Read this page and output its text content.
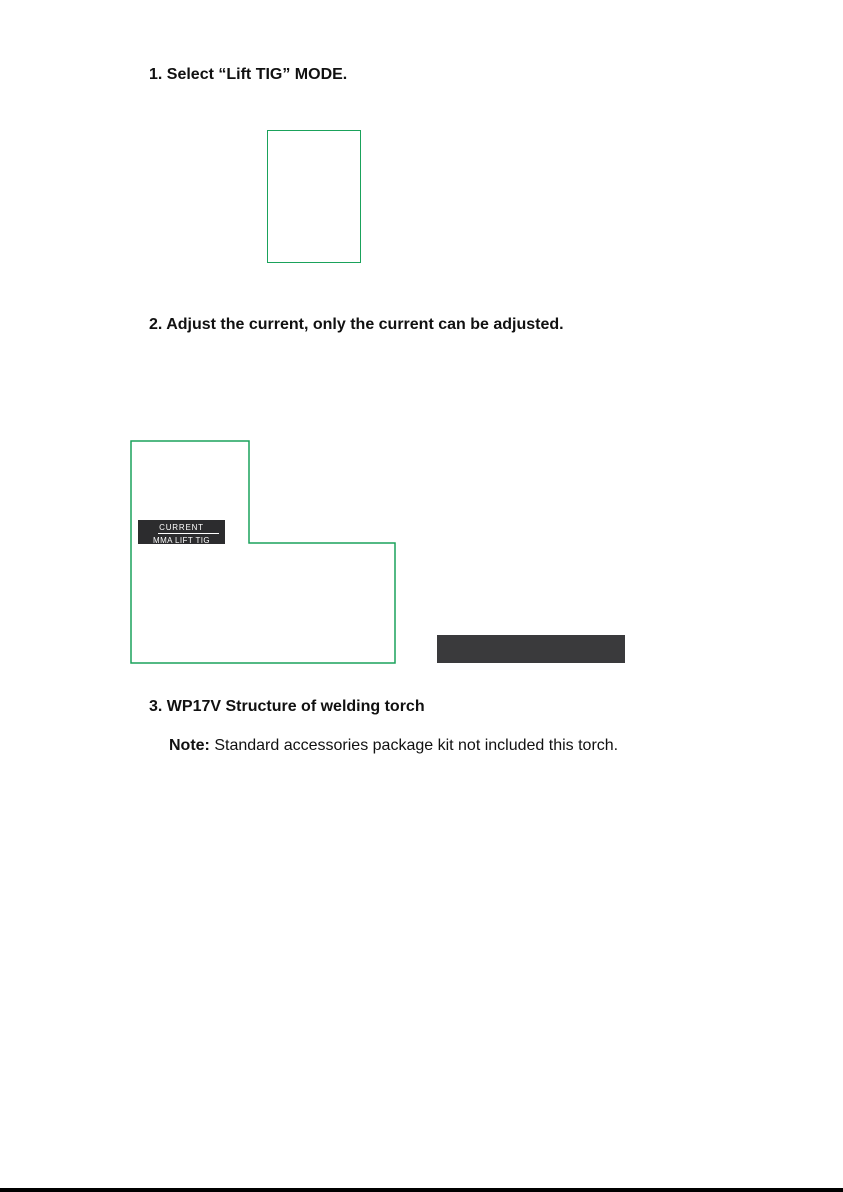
1. Select “Lift TIG” MODE.
2. Adjust the current, only the current can be adjusted.
CURRENT
MMA LIFT TIG
3. WP17V Structure of welding torch

Note: Standard accessories package kit not included this torch.
